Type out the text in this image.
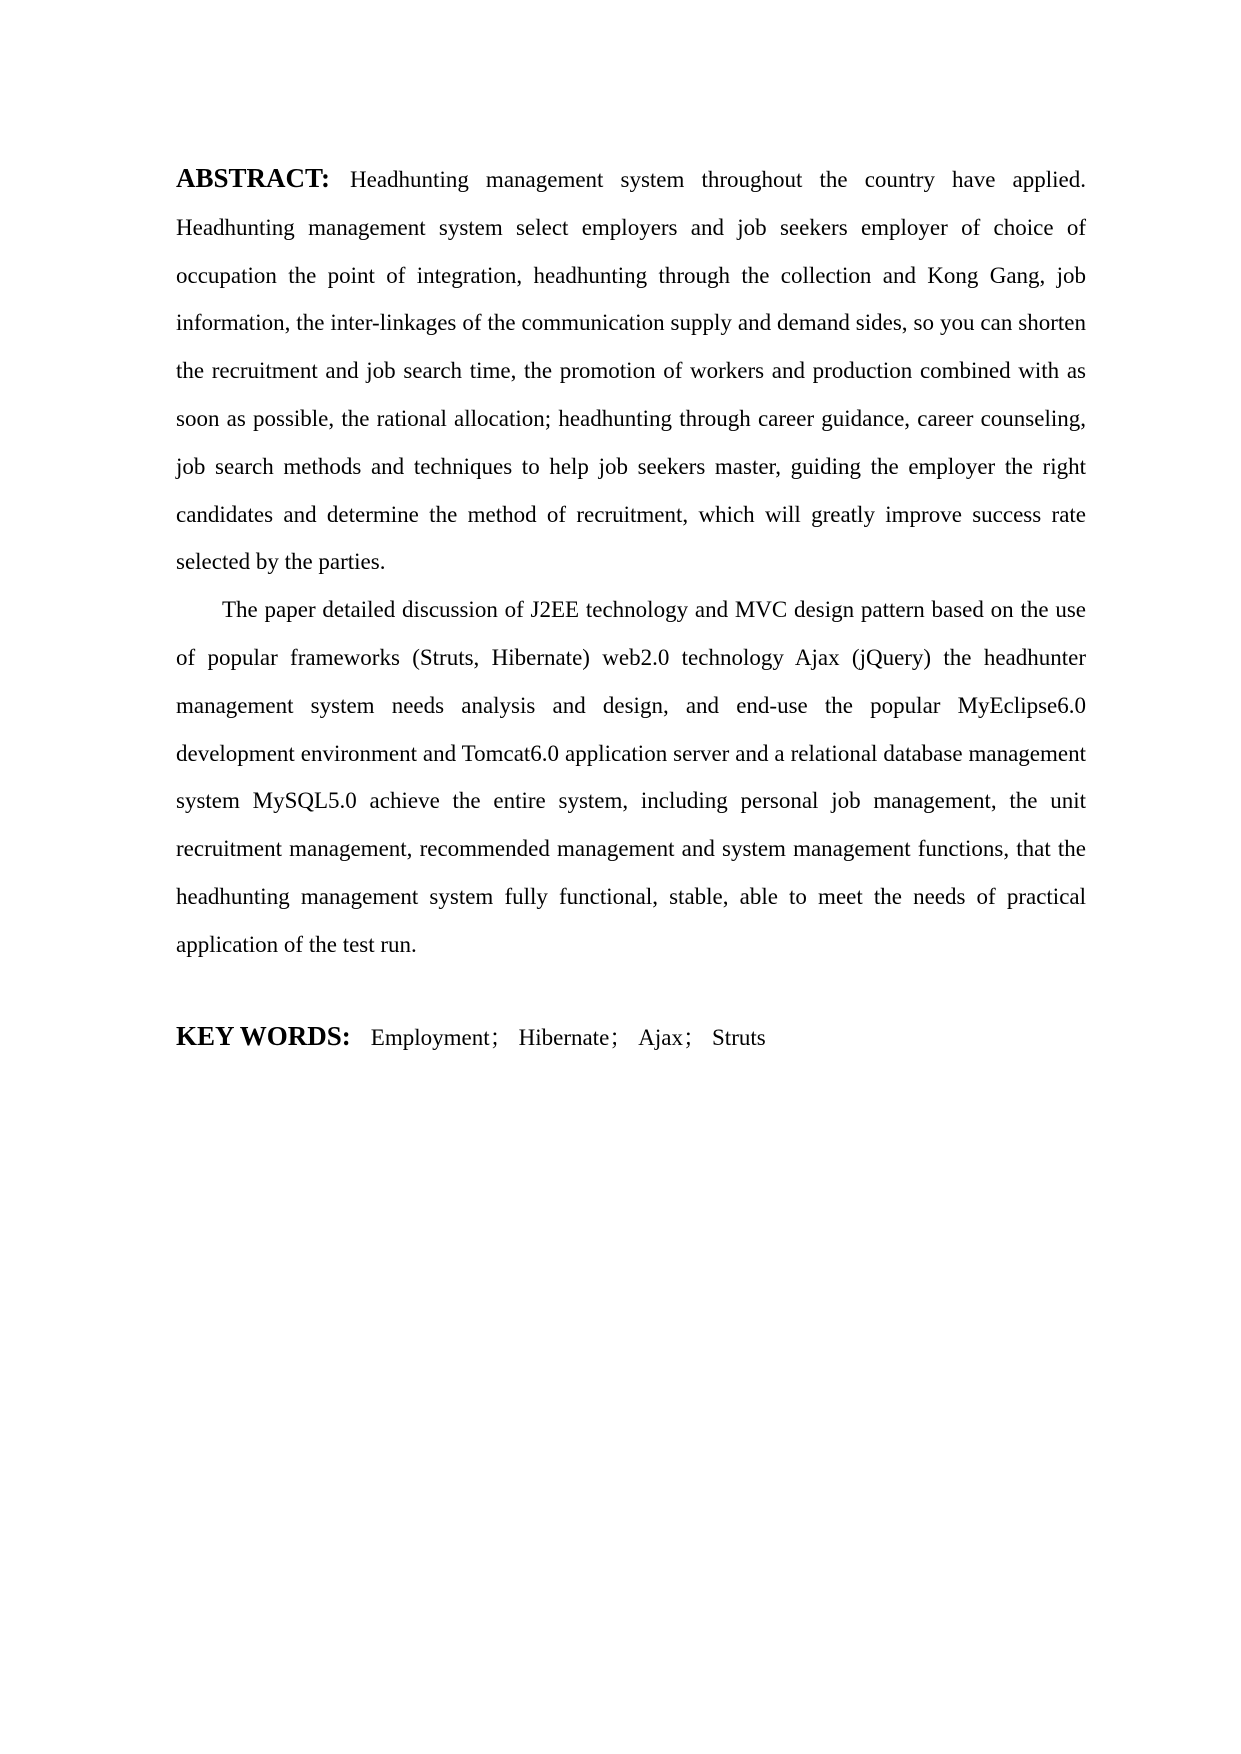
ABSTRACT: Headhunting management system throughout the country have applied. Headhunting management system select employers and job seekers employer of choice of occupation the point of integration, headhunting through the collection and Kong Gang, job information, the inter-linkages of the communication supply and demand sides, so you can shorten the recruitment and job search time, the promotion of workers and production combined with as soon as possible, the rational allocation; headhunting through career guidance, career counseling, job search methods and techniques to help job seekers master, guiding the employer the right candidates and determine the method of recruitment, which will greatly improve success rate selected by the parties.

The paper detailed discussion of J2EE technology and MVC design pattern based on the use of popular frameworks (Struts, Hibernate) web2.0 technology Ajax (jQuery) the headhunter management system needs analysis and design, and end-use the popular MyEclipse6.0 development environment and Tomcat6.0 application server and a relational database management system MySQL5.0 achieve the entire system, including personal job management, the unit recruitment management, recommended management and system management functions, that the headhunting management system fully functional, stable, able to meet the needs of practical application of the test run.

KEY WORDS: Employment； Hibernate； Ajax； Struts
